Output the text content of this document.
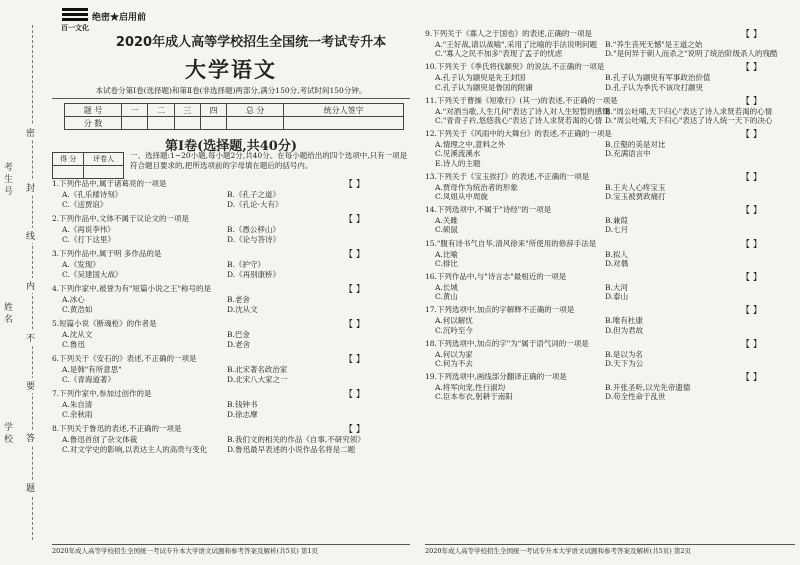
密
封
线
内
不
要
答
题
考
生
号
姓
名
学
校
百一文化
绝密★启用前
2020年成人高等学校招生全国统一考试专升本
大学语文
本试卷分第Ⅰ卷(选择题)和第Ⅱ卷(非选择题)两部分,满分150分,考试时间150分钟。
题 号	一	二	三	四	总 分	统分人签字
分 数						
第Ⅰ卷(选择题,共40分)
得 分	评卷人
	一、选择题:1~20小题,每小题2分,共40分。在每小题给出的四个选项中,只有一项是符合题目要求的,把所选项前的字母填在题后的括号内。
1.下列作品中,属于诸葛亮的一项是	【 】
A.《孔乐楼诗刻》	B.《孔子之道》
C.《送贾谊》	D.《孔论·大有》
2.下列作品中,文体不属于议论文的一项是	【 】
A.《再说李伟》	B.《愚公移山》
C.《打下这里》	D.《论与答诗》
3.下列作品中,属于明 多作品的是	【 】
A.《发现》	B.《护守》
C.《吴建国大战》	D.《再别康桥》
4.下列作家中,被誉为有"短篇小说之王"称号的是	【 】
A.冰心	B.老舍
C.黄浩如	D.沈从文
5.短篇小说《断魂枪》的作者是	【 】
A.沈从文	B.巴金
C.鲁迅	D.老舍
6.下列关于《安石的》表述,不正确的一项是	【 】
A.是韩"有所意思"	B.北宋著名政治家
C.《青海道著》	D.北宋八大家之一
7.下列作家中,参加过创作的是	【 】
A.朱自清	B.钱钟书
C.余秋雨	D.徐志摩
8.下列关于鲁迅的表述,不正确的一项是	【 】
A.鲁迅首创了杂文体裁	B.我们文的相关的作品《自事,不研究领》
C.对文学史的影响,以表达主人的高贵与变化	D.鲁迅最早表述的小说作品名将是二题
2020年成人高等学校招生全国统一考试专升本大学语文试题和参考答案及解析(共5页) 第1页
9.下列关于《寡人之于国也》的表述,正确的一项是	【 】
A."王好战,请以战喻",采用了比喻的手法说明问题 B."养生丧死无憾"是王道之始
C."寡人之民不加多"表现了孟子的忧虑	D."是何异于刺人而杀之"说明了统治阶级杀人的残酷
10.下列关于《季氏将伐颛臾》的说法,不正确的一项是	【 】
A.孔子认为颛臾是先王封国	B.孔子认为颛臾有军事政治价值
C.孔子认为颛臾是鲁国的附庸	D.孔子认为季氏不该攻打颛臾
11.下列关于曹操《短歌行》(其一)的表述,不正确的一项是	【 】
A."对酒当歌,人生几何"表达了诗人对人生短暂的感慨
B."周公吐哺,天下归心"表达了诗人求贤若渴的心情
C."青青子衿,悠悠我心"表达了诗人求贤若渴的心情 D."周公吐哺,天下归心"表达了诗人统一天下的决心
12.下列关于《风雨中的大舞台》的表述,不正确的一项是	【 】
A.情理之中,意料之外	B.丘壑的美是对比
C.见溪流溪水	D.充满语言中
E.诗人的主题
13.下列关于《宝玉挨打》的表述,不正确的一项是	【 】
A.贾母作为统治者的形象	B.王夫人心疼宝玉
C.凤姐从中周旋	D.宝玉被贾政痛打
14.下列选项中,不属于"诗经"的一项是	【 】
A.关雎	B.兼葭
C.硕鼠	D.七月
15."腹有诗书气自华,清风徐来"所使用的修辞手法是	【 】
A.比喻	B.拟人
C.排比	D.对偶
16.下列作品中,与"诗言志"最相近的一项是	【 】
A.长城	B.大河
C.黄山	D.泰山
17.下列选项中,加点的字解释不正确的一项是	【 】
A.何以解忧	B.唯有杜康
C.沉吟至今	D.但为君故
18.下列选项中,加点的字"为"属于语气词的一项是	【 】
A.何以为家	B.是以为名
C.何为不去	D.天下为公
19.下列选项中,画线部分翻译正确的一项是	【 】
A.将军向宠,性行淑均	B.开张圣听,以光先帝遗德
C.臣本布衣,躬耕于南阳	D.苟全性命于乱世
2020年成人高等学校招生全国统一考试专升本大学语文试题和参考答案及解析(共5页) 第2页
